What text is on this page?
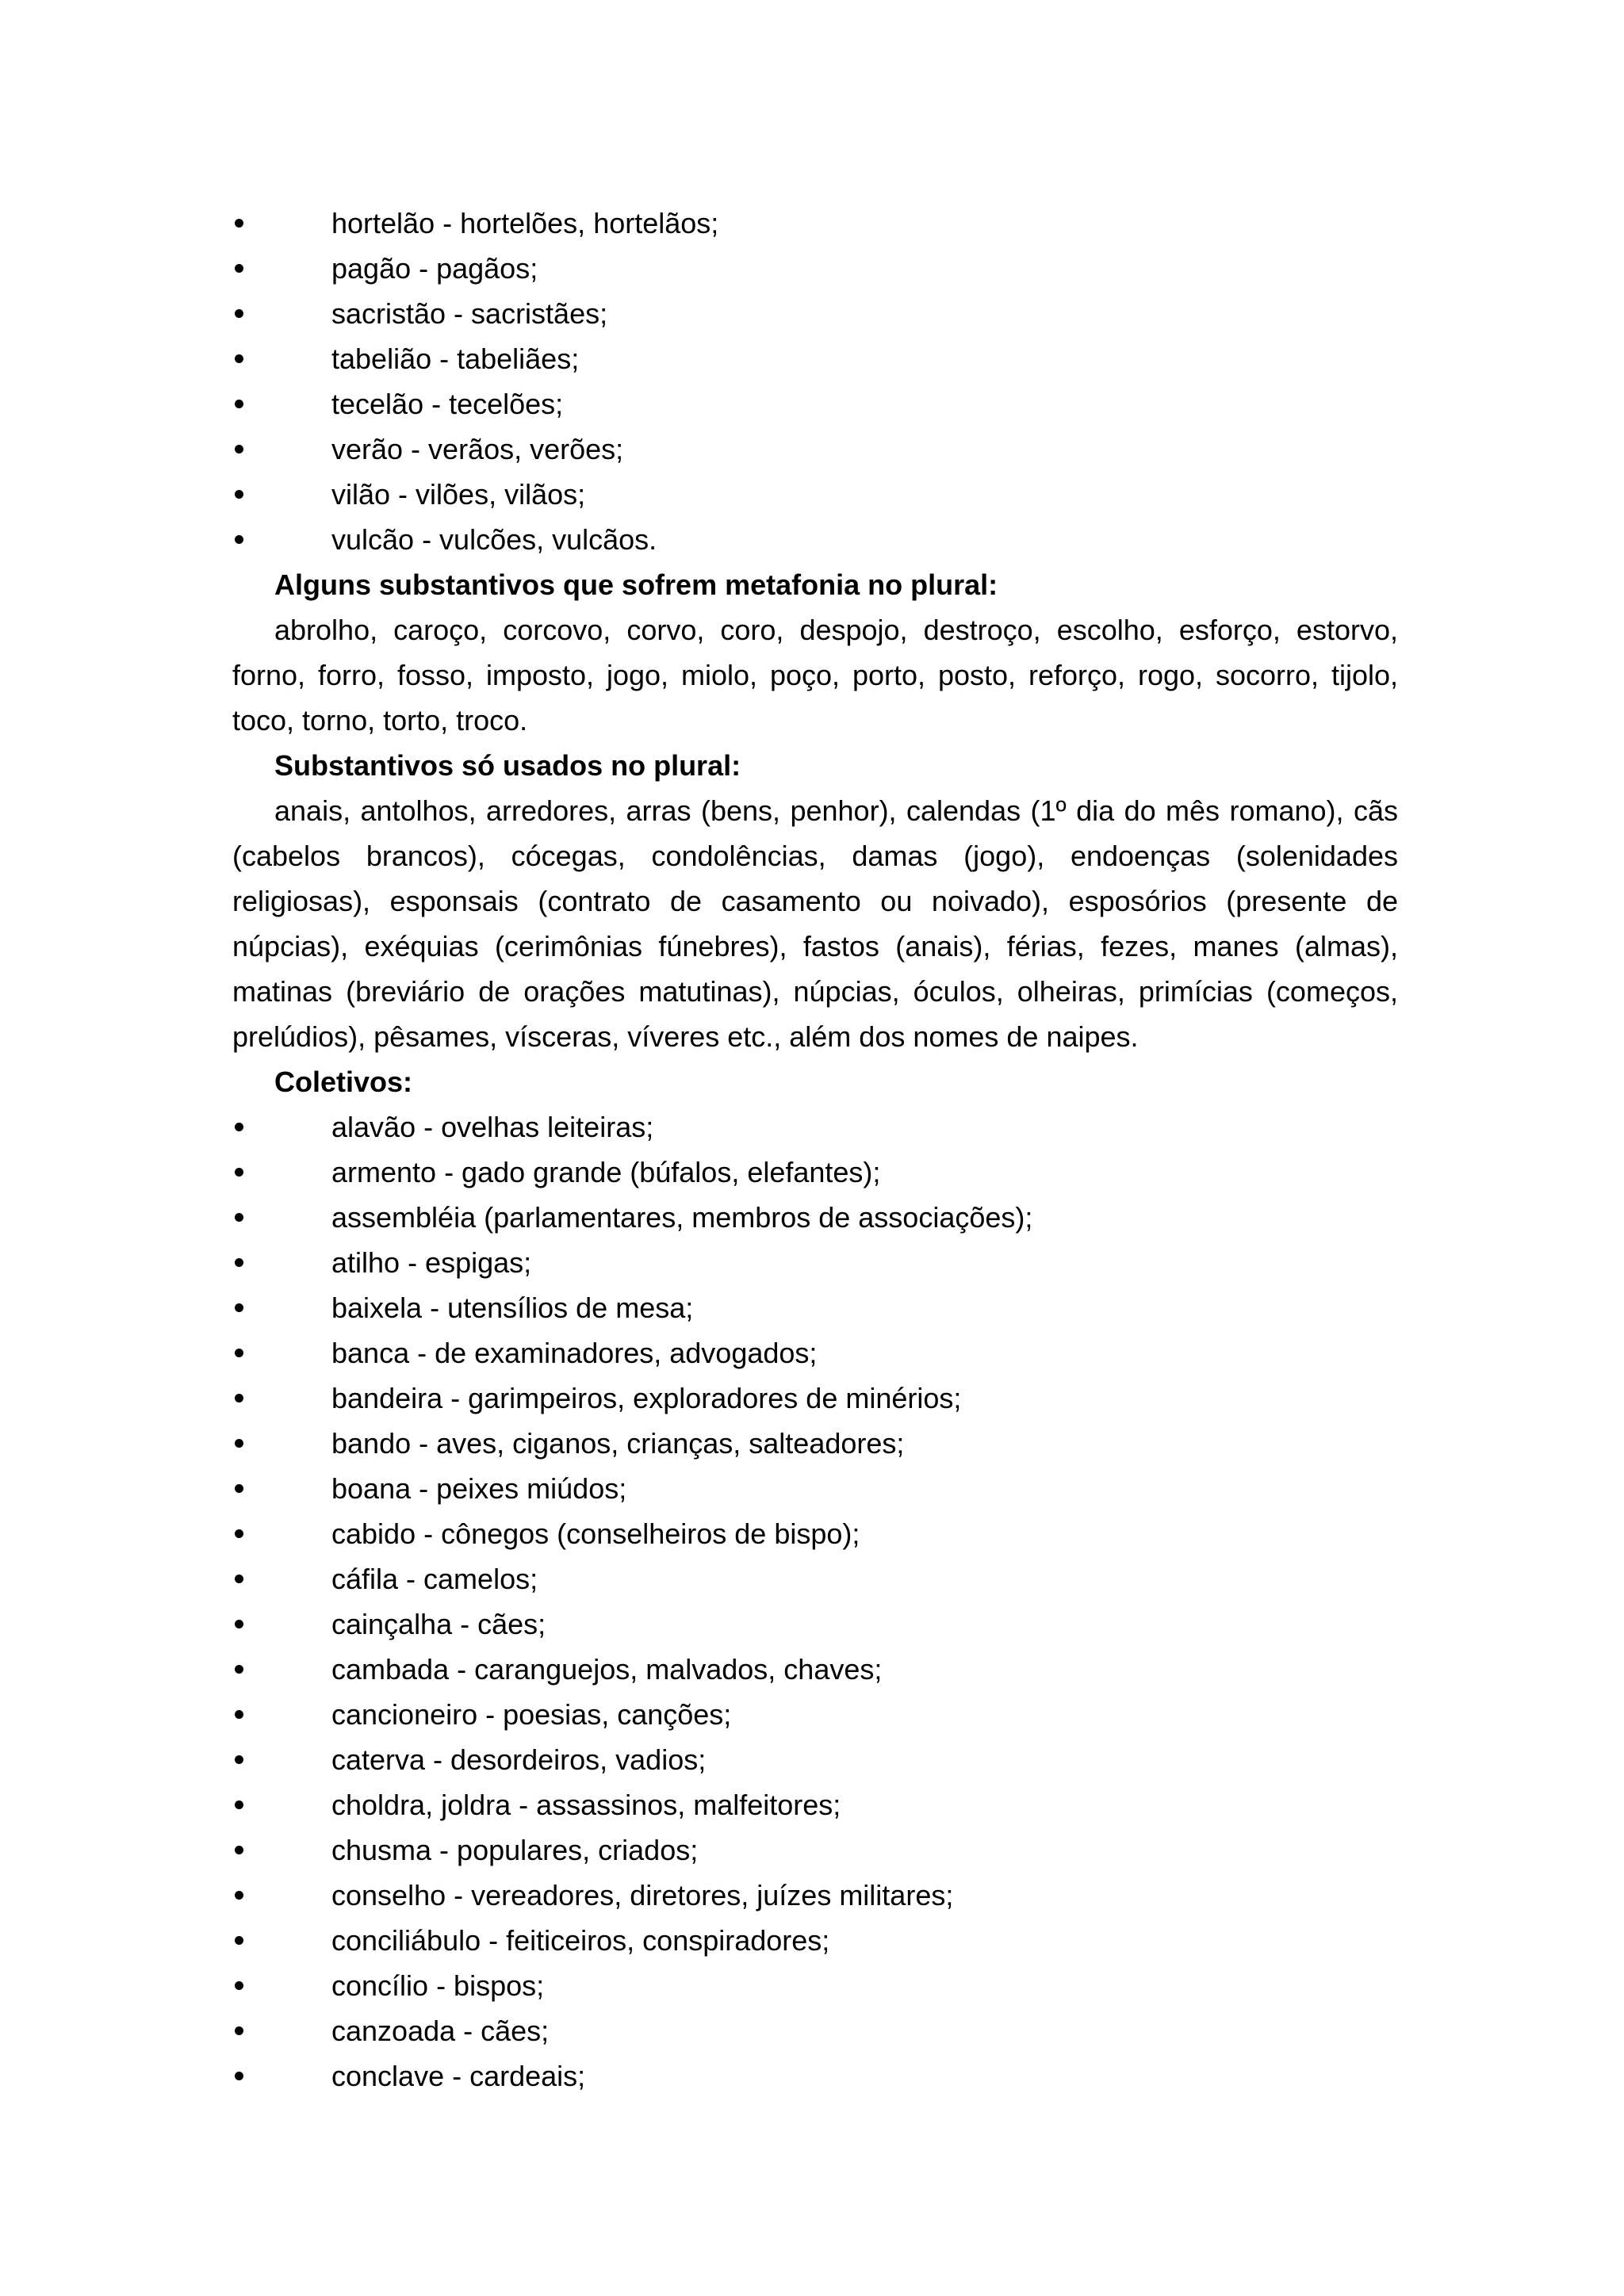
hortelão - hortelões, hortelãos;
pagão - pagãos;
sacristão - sacristães;
tabelião - tabeliães;
tecelão - tecelões;
verão - verãos, verões;
vilão - vilões, vilãos;
vulcão - vulcões, vulcãos.
Alguns substantivos que sofrem metafonia no plural:

abrolho, caroço, corcovo, corvo, coro, despojo, destroço, escolho, esforço, estorvo, forno, forro, fosso, imposto, jogo, miolo, poço, porto, posto, reforço, rogo, socorro, tijolo, toco, torno, torto, troco.

Substantivos só usados no plural:

anais, antolhos, arredores, arras (bens, penhor), calendas (1º dia do mês romano), cãs (cabelos brancos), cócegas, condolências, damas (jogo), endoenças (solenidades religiosas), esponsais (contrato de casamento ou noivado), esposórios (presente de núpcias), exéquias (cerimônias fúnebres), fastos (anais), férias, fezes, manes (almas), matinas (breviário de orações matutinas), núpcias, óculos, olheiras, primícias (começos, prelúdios), pêsames, vísceras, víveres etc., além dos nomes de naipes.

Coletivos:
alavão - ovelhas leiteiras;
armento - gado grande (búfalos, elefantes);
assembléia (parlamentares, membros de associações);
atilho - espigas;
baixela - utensílios de mesa;
banca - de examinadores, advogados;
bandeira - garimpeiros, exploradores de minérios;
bando - aves, ciganos, crianças, salteadores;
boana - peixes miúdos;
cabido - cônegos (conselheiros de bispo);
cáfila - camelos;
cainçalha - cães;
cambada - caranguejos, malvados, chaves;
cancioneiro - poesias, canções;
caterva - desordeiros, vadios;
choldra, joldra - assassinos, malfeitores;
chusma - populares, criados;
conselho - vereadores, diretores, juízes militares;
conciliábulo - feiticeiros, conspiradores;
concílio - bispos;
canzoada - cães;
conclave - cardeais;
